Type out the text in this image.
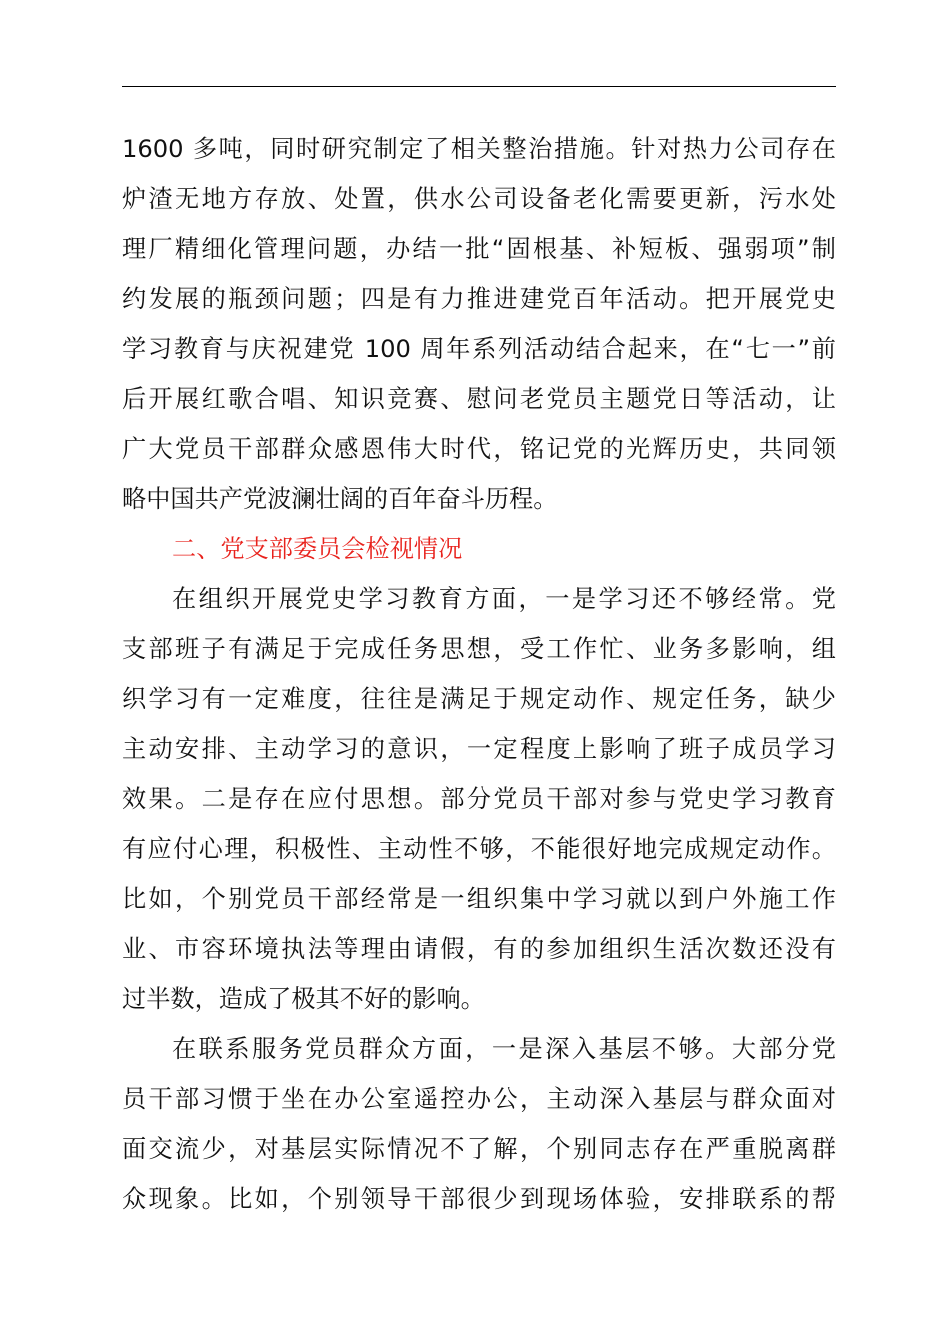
1600 多吨，同时研究制定了相关整治措施。针对热力公司存在
炉渣无地方存放、处置，供水公司设备老化需要更新，污水处
理厂精细化管理问题，办结一批“固根基、补短板、强弱项”制
约发展的瓶颈问题；四是有力推进建党百年活动。把开展党史
学习教育与庆祝建党 100 周年系列活动结合起来，在“七一”前
后开展红歌合唱、知识竞赛、慰问老党员主题党日等活动，让
广大党员干部群众感恩伟大时代，铭记党的光辉历史，共同领
略中国共产党波澜壮阔的百年奋斗历程。
二、党支部委员会检视情况
在组织开展党史学习教育方面，一是学习还不够经常。党
支部班子有满足于完成任务思想，受工作忙、业务多影响，组
织学习有一定难度，往往是满足于规定动作、规定任务，缺少
主动安排、主动学习的意识，一定程度上影响了班子成员学习
效果。二是存在应付思想。部分党员干部对参与党史学习教育
有应付心理，积极性、主动性不够，不能很好地完成规定动作。
比如，个别党员干部经常是一组织集中学习就以到户外施工作
业、市容环境执法等理由请假，有的参加组织生活次数还没有
过半数，造成了极其不好的影响。
在联系服务党员群众方面，一是深入基层不够。大部分党
员干部习惯于坐在办公室遥控办公，主动深入基层与群众面对
面交流少，对基层实际情况不了解，个别同志存在严重脱离群
众现象。比如，个别领导干部很少到现场体验，安排联系的帮
